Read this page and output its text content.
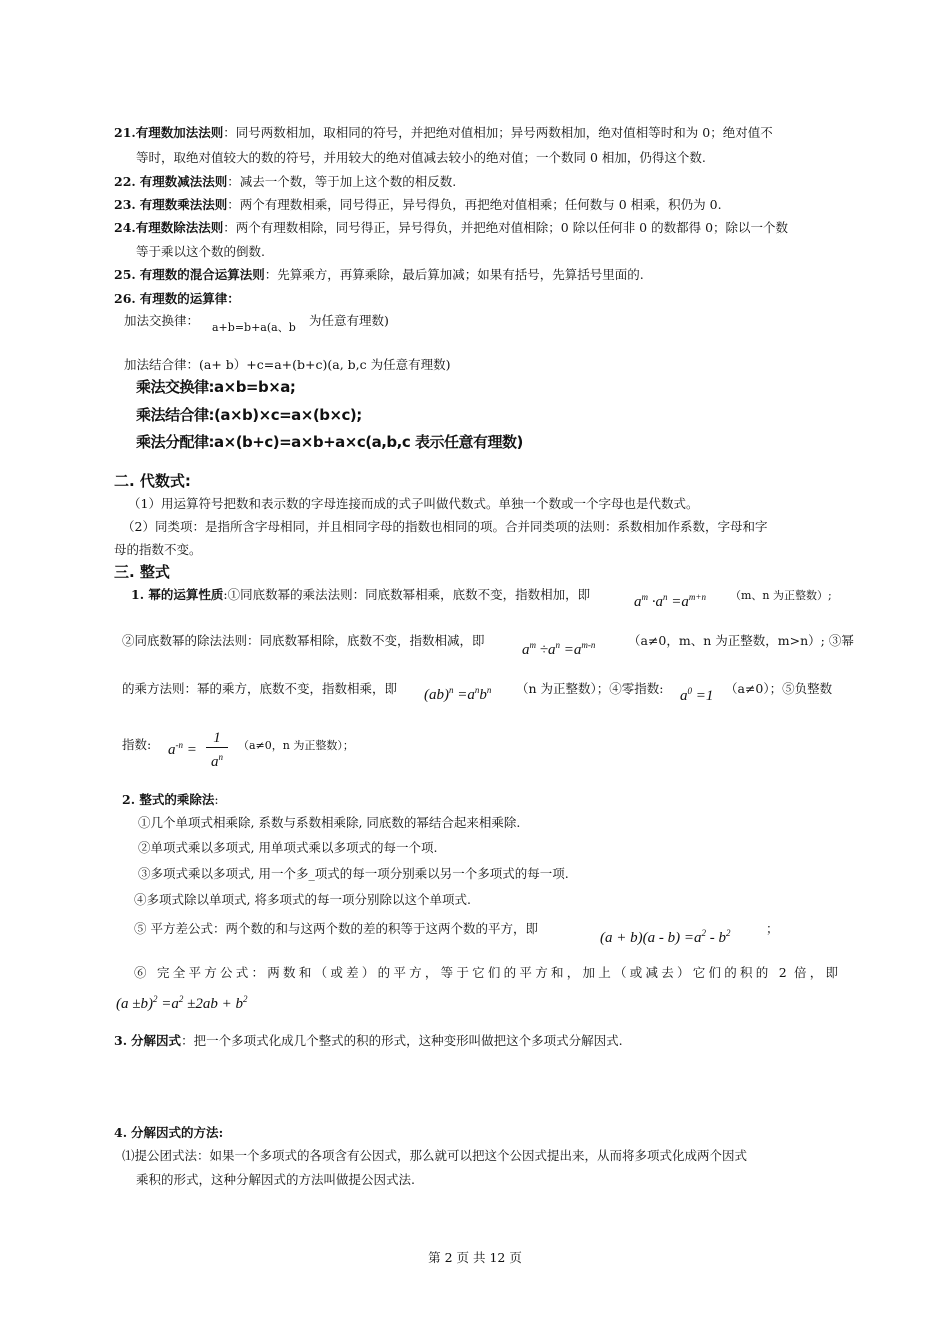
21.有理数加法法则：同号两数相加，取相同的符号，并把绝对值相加；异号两数相加，绝对值相等时和为 0；绝对值不
等时，取绝对值较大的数的符号，并用较大的绝对值减去较小的绝对值；一个数同 0 相加，仍得这个数.
22. 有理数减法法则：减去一个数，等于加上这个数的相反数.
23. 有理数乘法法则：两个有理数相乘，同号得正，异号得负，再把绝对值相乘；任何数与 0 相乘，积仍为 0.
24.有理数除法法则：两个有理数相除，同号得正，异号得负，并把绝对值相除；0 除以任何非 0 的数都得 0；除以一个数
等于乘以这个数的倒数.
25. 有理数的混合运算法则：先算乘方，再算乘除，最后算加减；如果有括号，先算括号里面的.
26. 有理数的运算律：
加法交换律： a+b=b+a(a、b 为任意有理数)
加法结合律：(a+ b）+c=a+(b+c)(a, b,c 为任意有理数)
乘法交换律:a×b=b×a;
乘法结合律:(a×b)×c=a×(b×c);
乘法分配律:a×(b+c)=a×b+a×c(a,b,c 表示任意有理数)
二. 代数式:
（1）用运算符号把数和表示数的字母连接而成的式子叫做代数式。单独一个数或一个字母也是代数式。
（2）同类项：是指所含字母相同，并且相同字母的指数也相同的项。合并同类项的法则：系数相加作系数，字母和字
母的指数不变。
三. 整式
1. 幂的运算性质:①同底数幂的乘法法则：同底数幂相乘，底数不变，指数相加，即	$a^m \cdot a^n =a^{m+n}$ （m、n 为正整数）;
②同底数幂的除法法则：同底数幂相除，底数不变，指数相减，即
$a^m \div a^n =a^{m-n}$	（a≠0，m、n 为正整数，m>n）; ③幂
的乘方法则：幂的乘方，底数不变，指数相乘，即 $(ab)^n =a^nb^n$ （n 为正整数）；④零指数: $a^0 =1$ （a≠0）；⑤负整数
指数: $a^{-n} = \frac{1}{a^n} (a\ne 0$，n 为正整数）；
2. 整式的乘除法:
①几个单项式相乘除, 系数与系数相乘除, 同底数的幂结合起来相乘除.
②单项式乘以多项式, 用单项式乘以多项式的每一个项.
③多项式乘以多项式, 用一个多_项式的每一项分别乘以另一个多项式的每一项.
④多项式除以单项式, 将多项式的每一项分别除以这个单项式.
⑤ 平方差公式：两个数的和与这两个数的差的积等于这两个数的平方，即
$(a + b)(a - b) =a^2 - b^2$	；
⑥ 完全平方公式：两数和（或差）的平方，等于它们的平方和，加上（或减去）它们的积的 2 倍，即
$(a \pm b)^2 =a^2 \pm 2ab + b^2$
3. 分解因式：把一个多项式化成几个整式的积的形式，这种变形叫做把这个多项式分解因式.
4. 分解因式的方法:
⑴提公团式法：如果一个多项式的各项含有公因式，那么就可以把这个公因式提出来，从而将多项式化成两个因式
乘积的形式，这种分解因式的方法叫做提公因式法.
第 2 页 共 12 页
